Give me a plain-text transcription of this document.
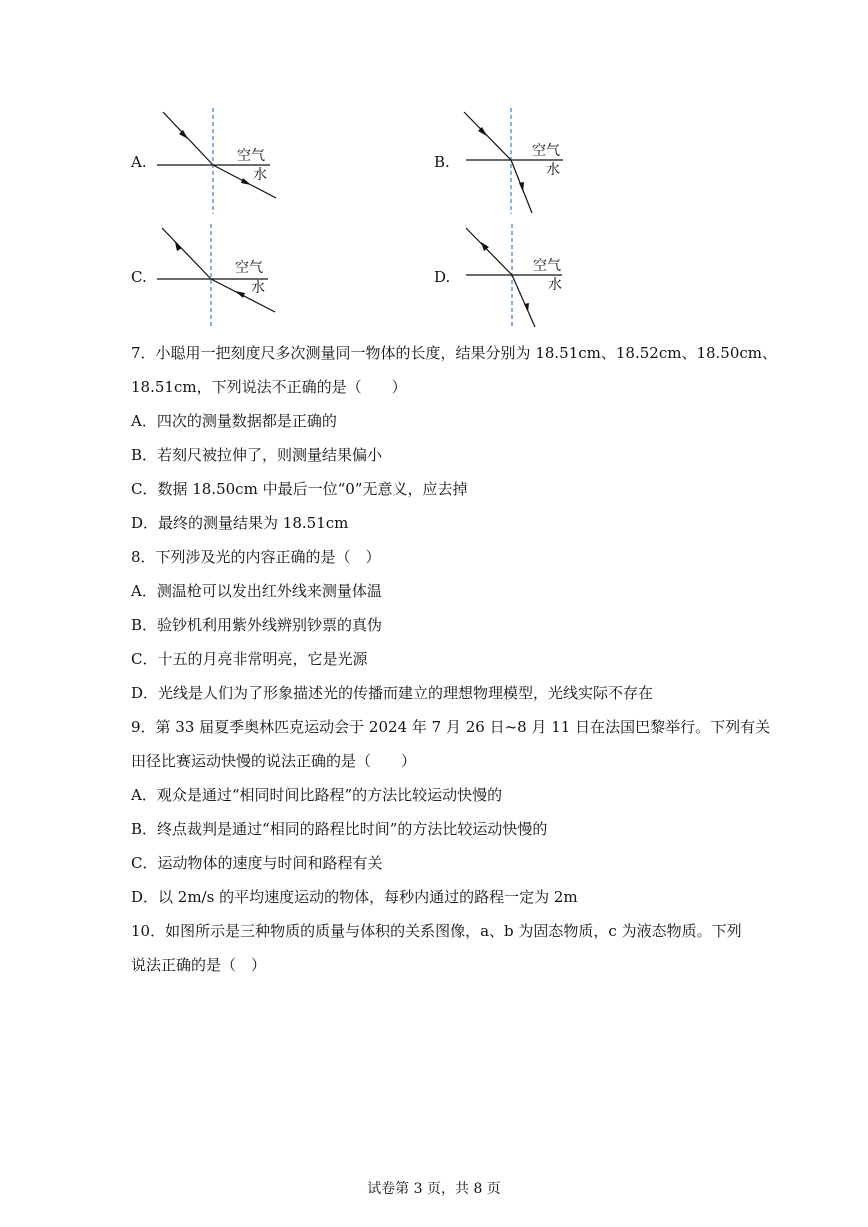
A.	B.
C.	D.
空气
水
空气
水
空气
水
空气
水
7．小聪用一把刻度尺多次测量同一物体的长度，结果分别为 18.51cm、18.52cm、18.50cm、
18.51cm，下列说法不正确的是（　　）
A．四次的测量数据都是正确的
B．若刻尺被拉伸了，则测量结果偏小
C．数据 18.50cm 中最后一位“0”无意义，应去掉
D．最终的测量结果为 18.51cm
8．下列涉及光的内容正确的是（　）
A．测温枪可以发出红外线来测量体温
B．验钞机利用紫外线辨别钞票的真伪
C．十五的月亮非常明亮，它是光源
D．光线是人们为了形象描述光的传播而建立的理想物理模型，光线实际不存在
9．第 33 届夏季奥林匹克运动会于 2024 年 7 月 26 日~8 月 11 日在法国巴黎举行。下列有关
田径比赛运动快慢的说法正确的是（　　）
A．观众是通过“相同时间比路程”的方法比较运动快慢的
B．终点裁判是通过“相同的路程比时间”的方法比较运动快慢的
C．运动物体的速度与时间和路程有关
D．以 2m/s 的平均速度运动的物体，每秒内通过的路程一定为 2m
10．如图所示是三种物质的质量与体积的关系图像，a、b 为固态物质，c 为液态物质。下列
说法正确的是（　）
试卷第 3 页，共 8 页
